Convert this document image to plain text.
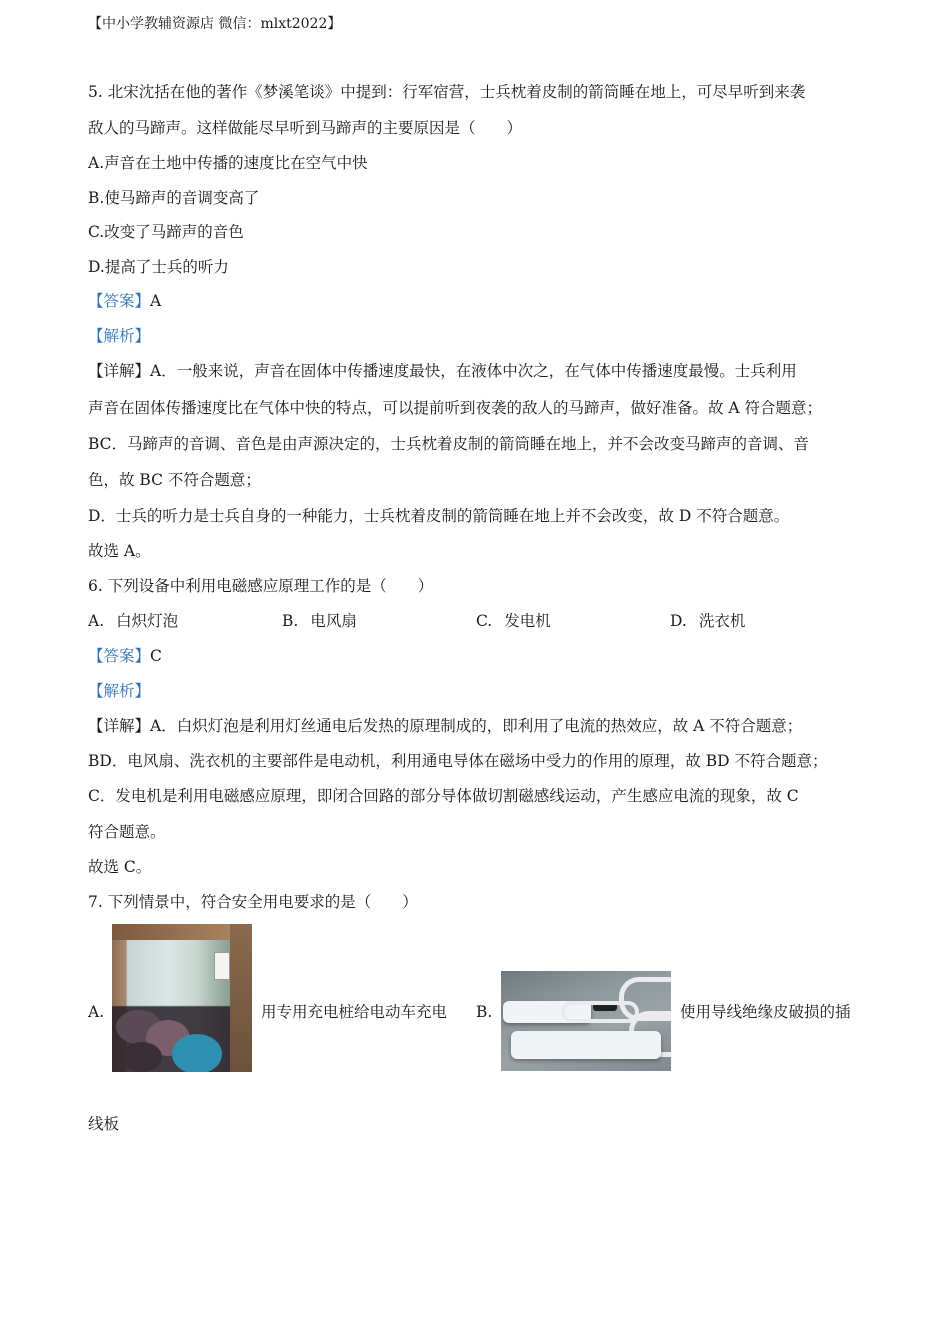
【中小学教辅资源店 微信：mlxt2022】
5. 北宋沈括在他的著作《梦溪笔谈》中提到：行军宿营，士兵枕着皮制的箭筒睡在地上，可尽早听到来袭
敌人的马蹄声。这样做能尽早听到马蹄声的主要原因是（　　）
A.声音在土地中传播的速度比在空气中快
B.使马蹄声的音调变高了
C.改变了马蹄声的音色
D.提高了士兵的听力
【答案】A
【解析】
【详解】A．一般来说，声音在固体中传播速度最快，在液体中次之，在气体中传播速度最慢。士兵利用
声音在固体传播速度比在气体中快的特点，可以提前听到夜袭的敌人的马蹄声，做好准备。故 A 符合题意；
BC．马蹄声的音调、音色是由声源决定的，士兵枕着皮制的箭筒睡在地上，并不会改变马蹄声的音调、音
色，故 BC 不符合题意；
D．士兵的听力是士兵自身的一种能力，士兵枕着皮制的箭筒睡在地上并不会改变，故 D 不符合题意。
故选 A。
6. 下列设备中利用电磁感应原理工作的是（　　）
A. 白炽灯泡	B. 电风扇	C. 发电机	D. 洗衣机
【答案】C
【解析】
【详解】A．白炽灯泡是利用灯丝通电后发热的原理制成的，即利用了电流的热效应，故 A 不符合题意；
BD．电风扇、洗衣机的主要部件是电动机，利用通电导体在磁场中受力的作用的原理，故 BD 不符合题意；
C．发电机是利用电磁感应原理，即闭合回路的部分导体做切割磁感线运动，产生感应电流的现象，故 C
符合题意。
故选 C。
7. 下列情景中，符合安全用电要求的是（　　）
A.	用专用充电桩给电动车充电 B.	使用导线绝缘皮破损的插
线板
